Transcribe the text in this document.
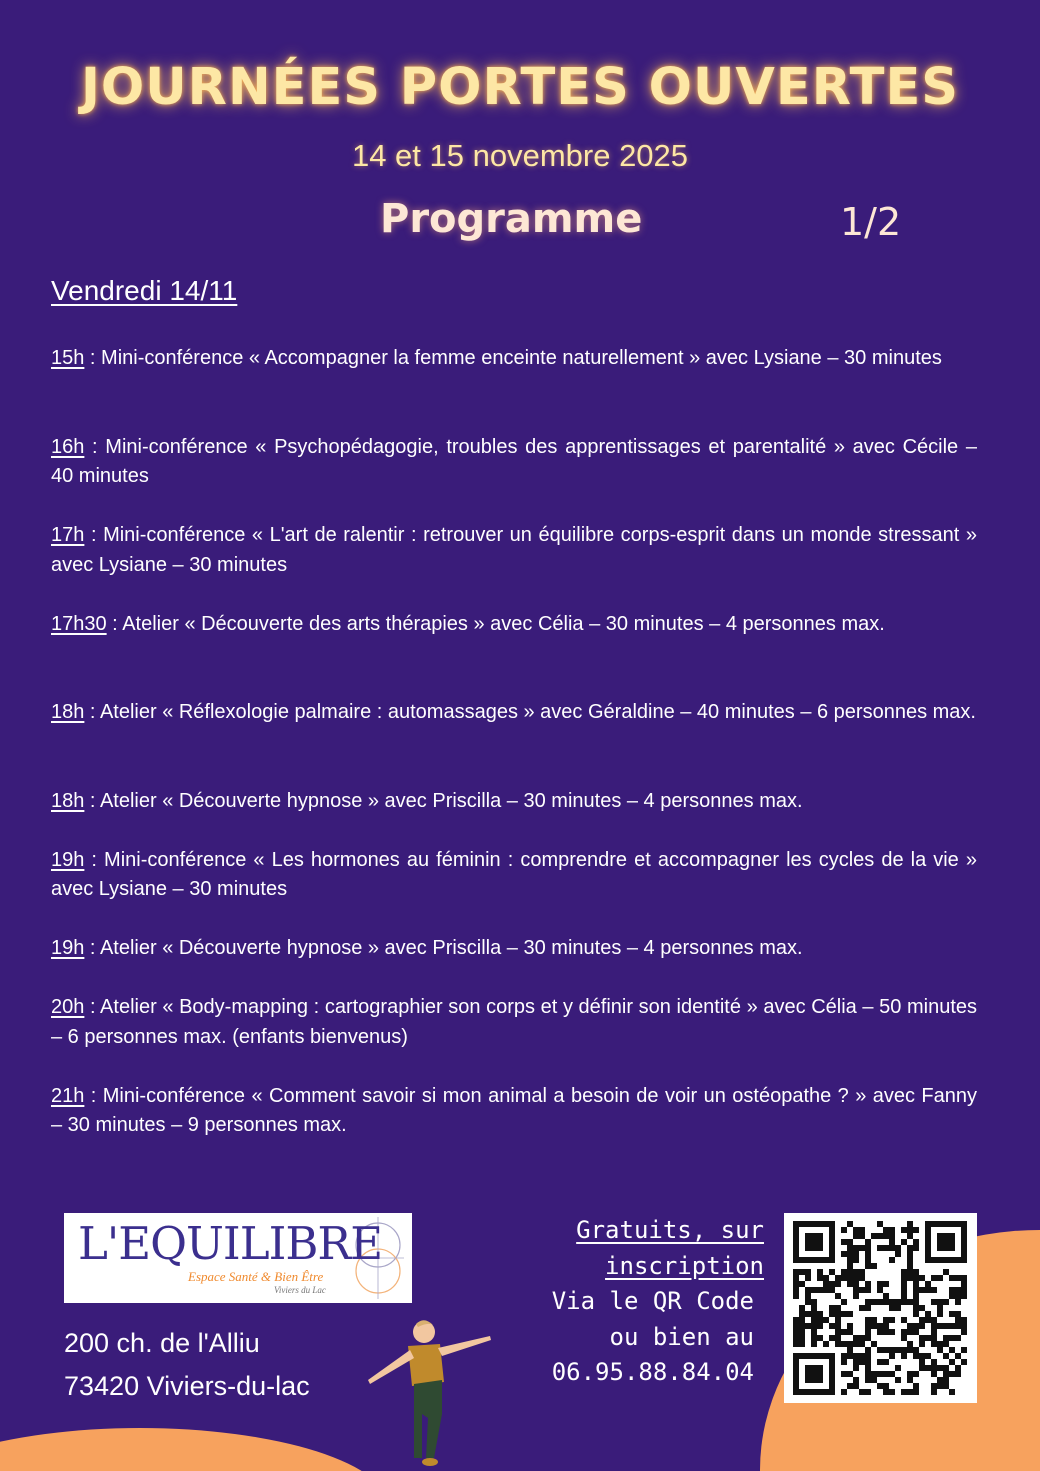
JOURNÉES PORTES OUVERTES
14 et 15 novembre 2025
Programme	1/2
Vendredi 14/11

15h : Mini-conférence « Accompagner la femme enceinte naturellement » avec Lysiane – 30 minutes

16h : Mini-conférence « Psychopédagogie, troubles des apprentissages et parentalité » avec Cécile – 40 minutes

17h : Mini-conférence « L'art de ralentir : retrouver un équilibre corps-esprit dans un monde stressant » avec Lysiane – 30 minutes

17h30 : Atelier « Découverte des arts thérapies » avec Célia – 30 minutes – 4 personnes max.

18h : Atelier « Réflexologie palmaire : automassages » avec Géraldine – 40 minutes – 6 personnes max.

18h : Atelier « Découverte hypnose » avec Priscilla – 30 minutes – 4 personnes max.

19h : Mini-conférence « Les hormones au féminin : comprendre et accompagner les cycles de la vie » avec Lysiane – 30 minutes

19h : Atelier « Découverte hypnose » avec Priscilla – 30 minutes – 4 personnes max.

20h : Atelier « Body-mapping : cartographier son corps et y définir son identité » avec Célia – 50 minutes – 6 personnes max. (enfants bienvenus)

21h : Mini-conférence « Comment savoir si mon animal a besoin de voir un ostéopathe ? » avec Fanny – 30 minutes – 9 personnes max.

L'EQUILIBRE
Espace Santé & Bien Être
Viviers du Lac
200 ch. de l'Alliu
73420 Viviers-du-lac
Gratuits, sur
inscription
Via le QR Code
ou bien au
06.95.88.84.04
